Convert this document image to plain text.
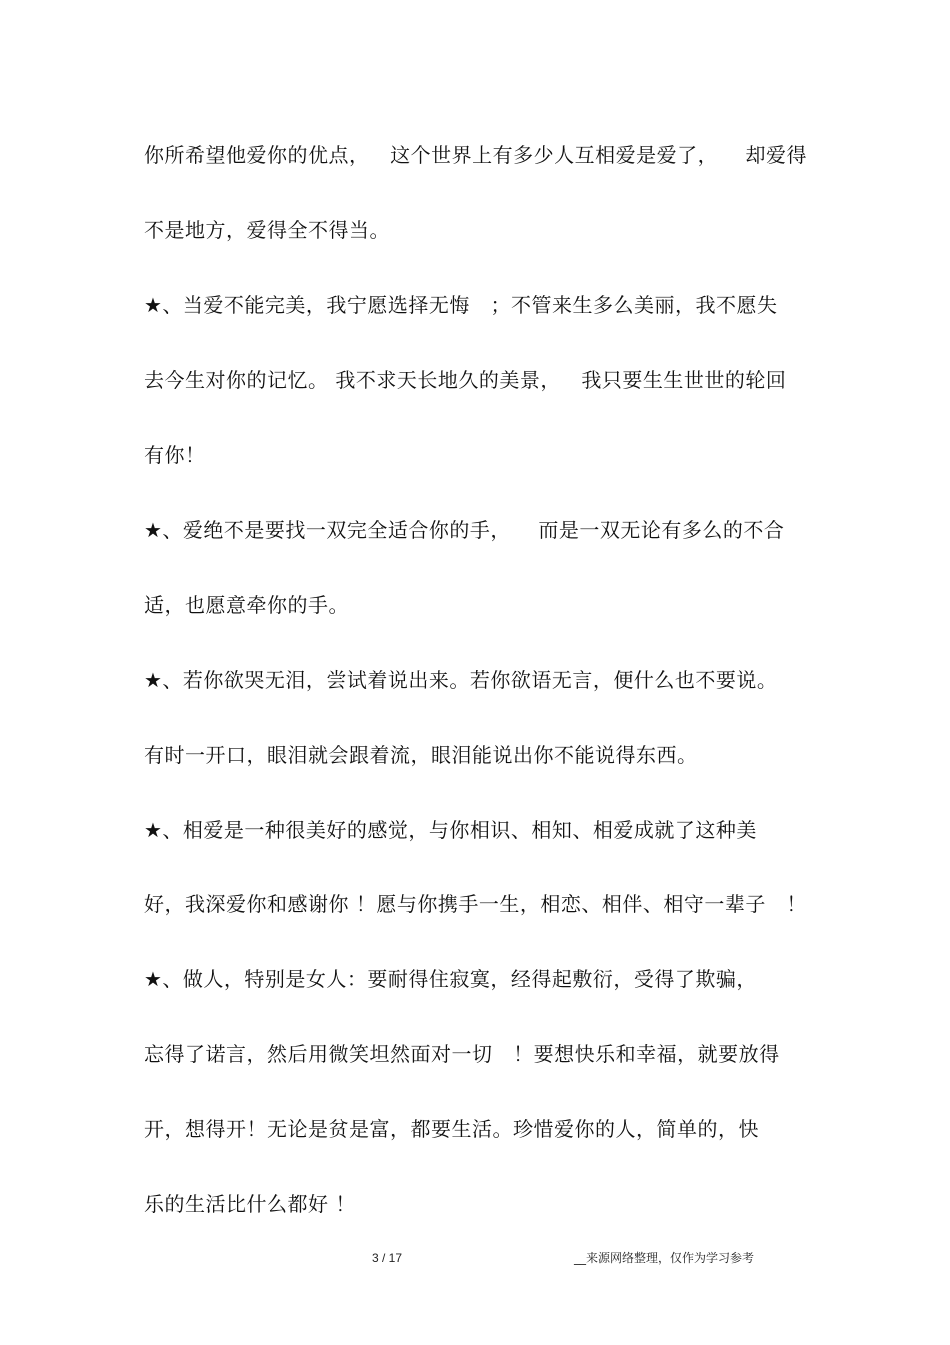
你所希望他爱你的优点，   这个世界上有多少人互相爱是爱了，    却爱得
不是地方，爱得全不得当。
★、当爱不能完美，我宁愿选择无悔   ；不管来生多么美丽，我不愿失
去今生对你的记忆。 我不求天长地久的美景，   我只要生生世世的轮回
有你！
★、爱绝不是要找一双完全适合你的手，    而是一双无论有多么的不合
适，也愿意牵你的手。
★、若你欲哭无泪，尝试着说出来。若你欲语无言，便什么也不要说。
有时一开口，眼泪就会跟着流，眼泪能说出你不能说得东西。
★、相爱是一种很美好的感觉，与你相识、相知、相爱成就了这种美
好，我深爱你和感谢你 ！愿与你携手一生，相恋、相伴、相守一辈子   ！
★、做人，特别是女人：要耐得住寂寞，经得起敷衍，受得了欺骗，
忘得了诺言，然后用微笑坦然面对一切   ！要想快乐和幸福，就要放得
开，想得开！无论是贫是富，都要生活。珍惜爱你的人，简单的，快
乐的生活比什么都好 ！
3 / 17	__来源网络整理，仅作为学习参考
